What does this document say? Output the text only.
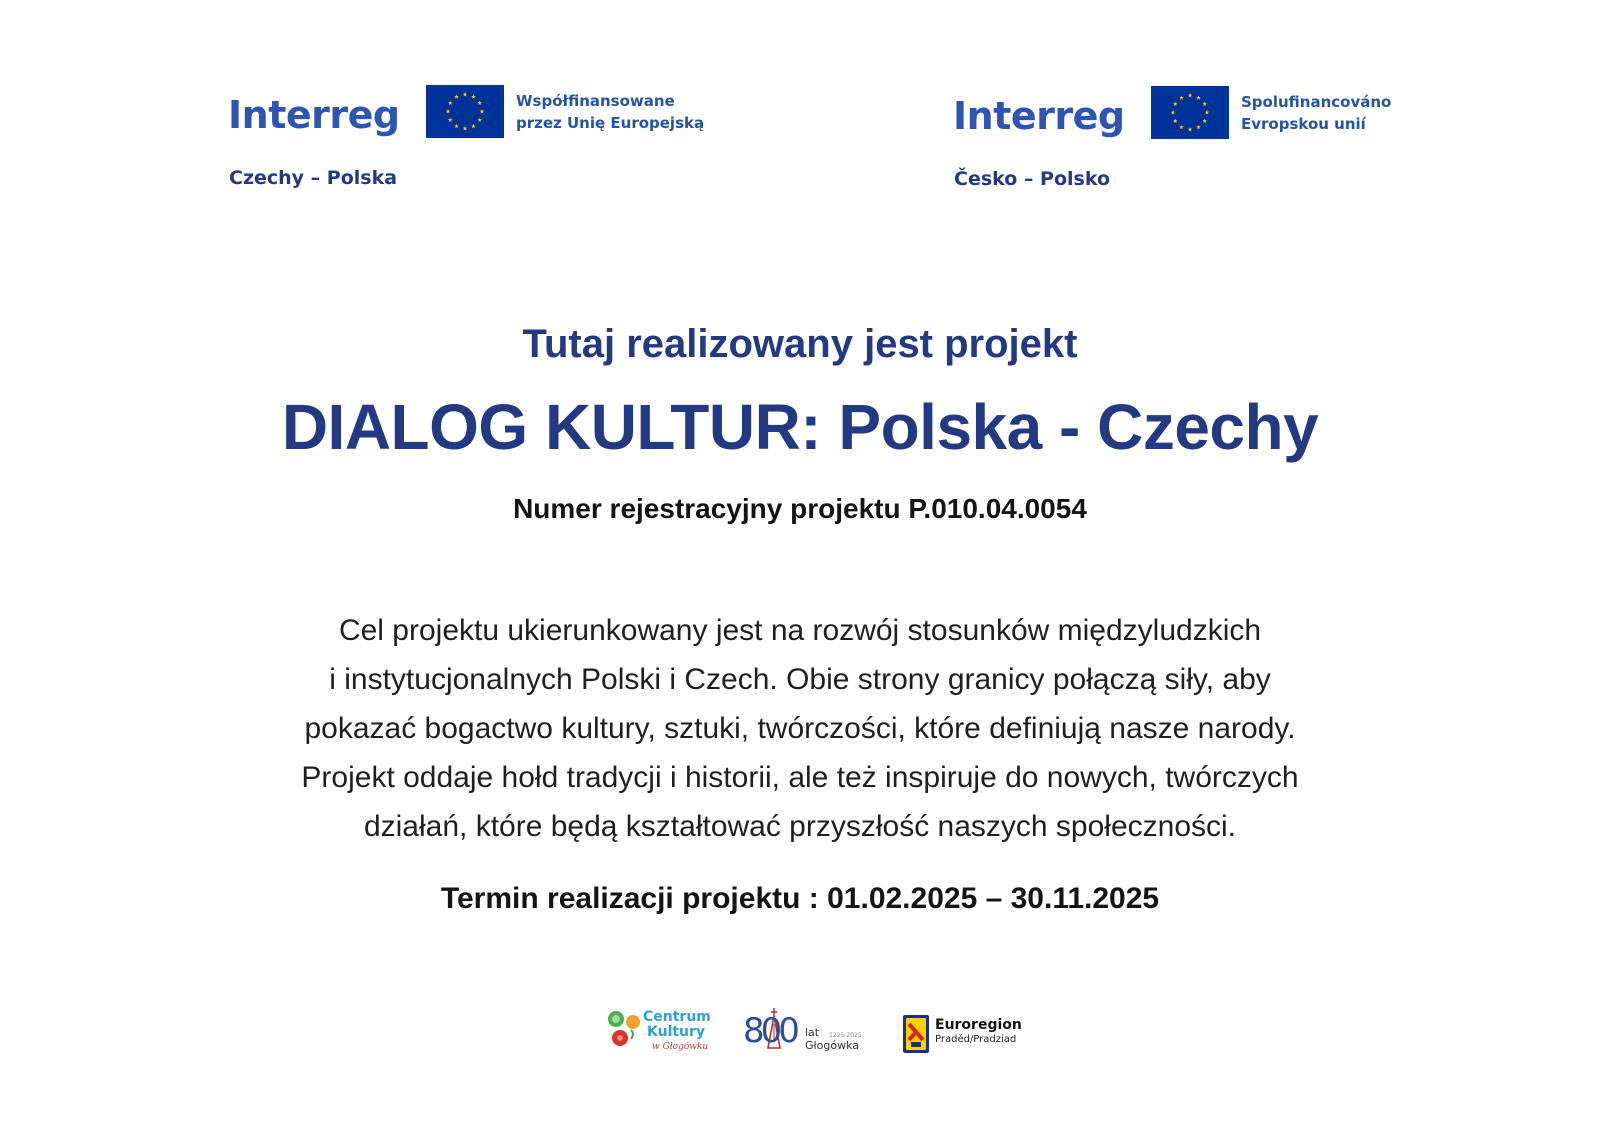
Interreg	Współfinansowane
przez Unię Europejską
Czechy – Polska
Interreg	Spolufinancováno
Evropskou unií
Česko – Polsko
Tutaj realizowany jest projekt
DIALOG KULTUR: Polska - Czechy
Numer rejestracyjny projektu P.010.04.0054
Cel projektu ukierunkowany jest na rozwój stosunków międzyludzkich
i instytucjonalnych Polski i Czech. Obie strony granicy połączą siły, aby
pokazać bogactwo kultury, sztuki, twórczości, które definiują nasze narody.
Projekt oddaje hołd tradycji i historii, ale też inspiruje do nowych, twórczych
działań, które będą kształtować przyszłość naszych społeczności.
Termin realizacji projektu : 01.02.2025 – 30.11.2025
Centrum
Kultury
w Głogówku 800 lat 1225-2025
Głogówka
Euroregion
Praděd/Pradziad
